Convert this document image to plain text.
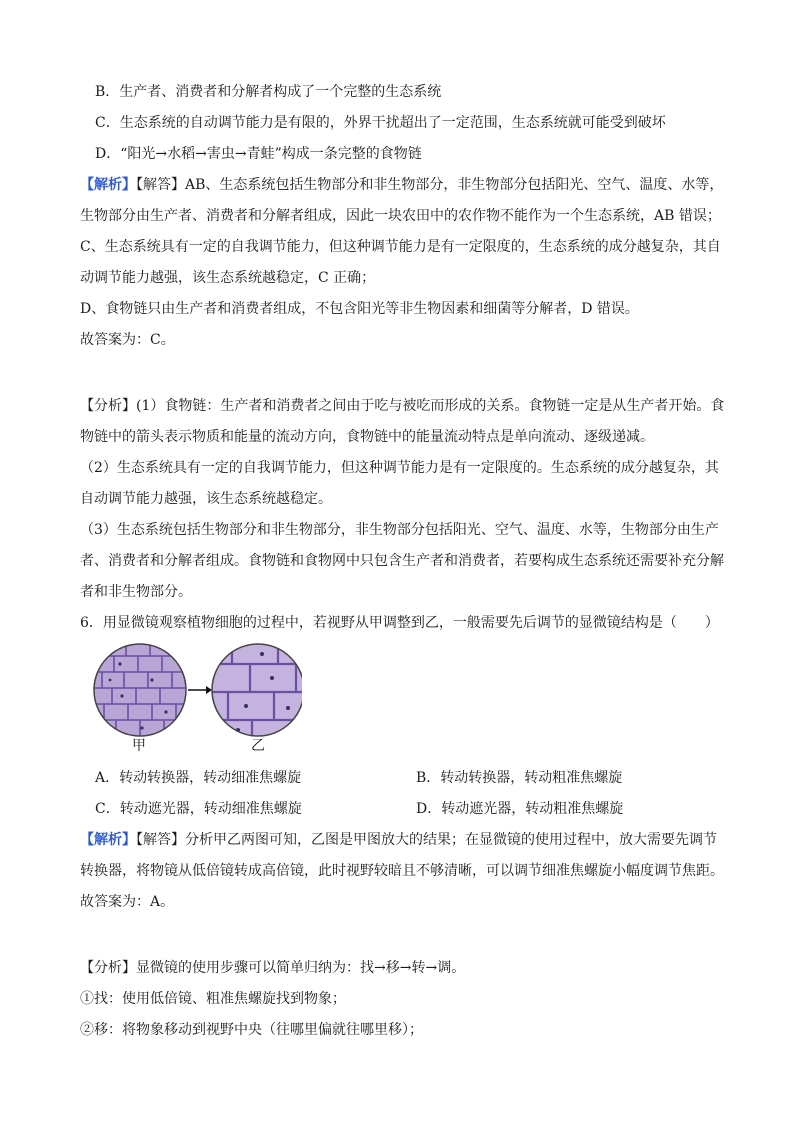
B．生产者、消费者和分解者构成了一个完整的生态系统
C．生态系统的自动调节能力是有限的，外界干扰超出了一定范围，生态系统就可能受到破坏
D．“阳光→水稻→害虫→青蛙”构成一条完整的食物链
【解析】【解答】AB、生态系统包括生物部分和非生物部分，非生物部分包括阳光、空气、温度、水等，
生物部分由生产者、消费者和分解者组成，因此一块农田中的农作物不能作为一个生态系统，AB 错误；
C、生态系统具有一定的自我调节能力，但这种调节能力是有一定限度的，生态系统的成分越复杂，其自
动调节能力越强，该生态系统越稳定，C 正确；
D、食物链只由生产者和消费者组成，不包含阳光等非生物因素和细菌等分解者，D 错误。
故答案为：C。
【分析】(1）食物链：生产者和消费者之间由于吃与被吃而形成的关系。食物链一定是从生产者开始。食
物链中的箭头表示物质和能量的流动方向，食物链中的能量流动特点是单向流动、逐级递减。
（2）生态系统具有一定的自我调节能力，但这种调节能力是有一定限度的。生态系统的成分越复杂，其
自动调节能力越强，该生态系统越稳定。
（3）生态系统包括生物部分和非生物部分，非生物部分包括阳光、空气、温度、水等，生物部分由生产
者、消费者和分解者组成。食物链和食物网中只包含生产者和消费者，若要构成生态系统还需要补充分解
者和非生物部分。
6．用显微镜观察植物细胞的过程中，若视野从甲调整到乙，一般需要先后调节的显微镜结构是（　　）
甲	乙
A．转动转换器，转动细准焦螺旋	B．转动转换器，转动粗准焦螺旋
C．转动遮光器，转动细准焦螺旋	D．转动遮光器，转动粗准焦螺旋
【解析】【解答】分析甲乙两图可知，乙图是甲图放大的结果；在显微镜的使用过程中，放大需要先调节
转换器，将物镜从低倍镜转成高倍镜，此时视野较暗且不够清晰，可以调节细准焦螺旋小幅度调节焦距。
故答案为：A。
【分析】显微镜的使用步骤可以简单归纳为：找→移→转→调。
①找：使用低倍镜、粗准焦螺旋找到物象；
②移：将物象移动到视野中央（往哪里偏就往哪里移）；
